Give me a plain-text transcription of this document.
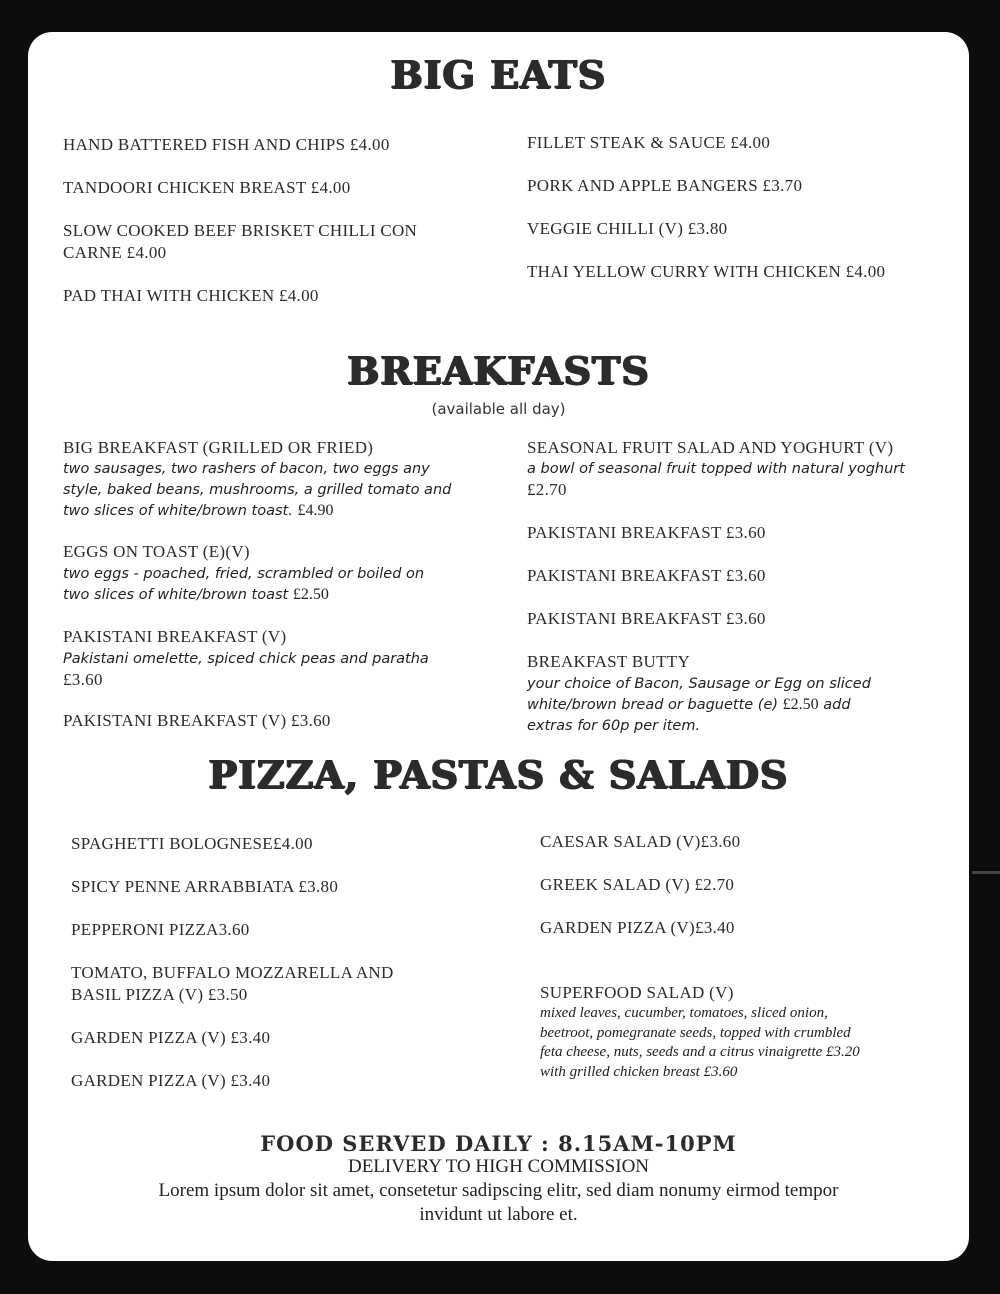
BIG EATS
HAND BATTERED FISH AND CHIPS £4.00
TANDOORI CHICKEN BREAST £4.00
SLOW COOKED BEEF BRISKET CHILLI CON
CARNE £4.00
PAD THAI WITH CHICKEN £4.00
FILLET STEAK & SAUCE £4.00
PORK AND APPLE BANGERS £3.70
VEGGIE CHILLI (V) £3.80
THAI YELLOW CURRY WITH CHICKEN £4.00
BREAKFASTS
(available all day)
BIG BREAKFAST (GRILLED OR FRIED)
two sausages, two rashers of bacon, two eggs any
style, baked beans, mushrooms, a grilled tomato and
two slices of white/brown toast. £4.90
EGGS ON TOAST (E)(V)
two eggs - poached, fried, scrambled or boiled on
two slices of white/brown toast £2.50
PAKISTANI BREAKFAST (V)
Pakistani omelette, spiced chick peas and paratha
£3.60
PAKISTANI BREAKFAST (V) £3.60
SEASONAL FRUIT SALAD AND YOGHURT (V)
a bowl of seasonal fruit topped with natural yoghurt
£2.70
PAKISTANI BREAKFAST £3.60
PAKISTANI BREAKFAST £3.60
PAKISTANI BREAKFAST £3.60
BREAKFAST BUTTY
your choice of Bacon, Sausage or Egg on sliced
white/brown bread or baguette (e) £2.50 add
extras for 60p per item.
PIZZA, PASTAS & SALADS
SPAGHETTI BOLOGNESE£4.00
SPICY PENNE ARRABBIATA £3.80
PEPPERONI PIZZA3.60
TOMATO, BUFFALO MOZZARELLA AND
BASIL PIZZA (V) £3.50
GARDEN PIZZA (V) £3.40
GARDEN PIZZA (V) £3.40
CAESAR SALAD (V)£3.60
GREEK SALAD (V) £2.70
GARDEN PIZZA (V)£3.40
SUPERFOOD SALAD (V)
mixed leaves, cucumber, tomatoes, sliced onion,
beetroot, pomegranate seeds, topped with crumbled
feta cheese, nuts, seeds and a citrus vinaigrette £3.20
with grilled chicken breast £3.60
FOOD SERVED DAILY : 8.15AM-10PM
DELIVERY TO HIGH COMMISSION
Lorem ipsum dolor sit amet, consetetur sadipscing elitr, sed diam nonumy eirmod tempor
invidunt ut labore et.
